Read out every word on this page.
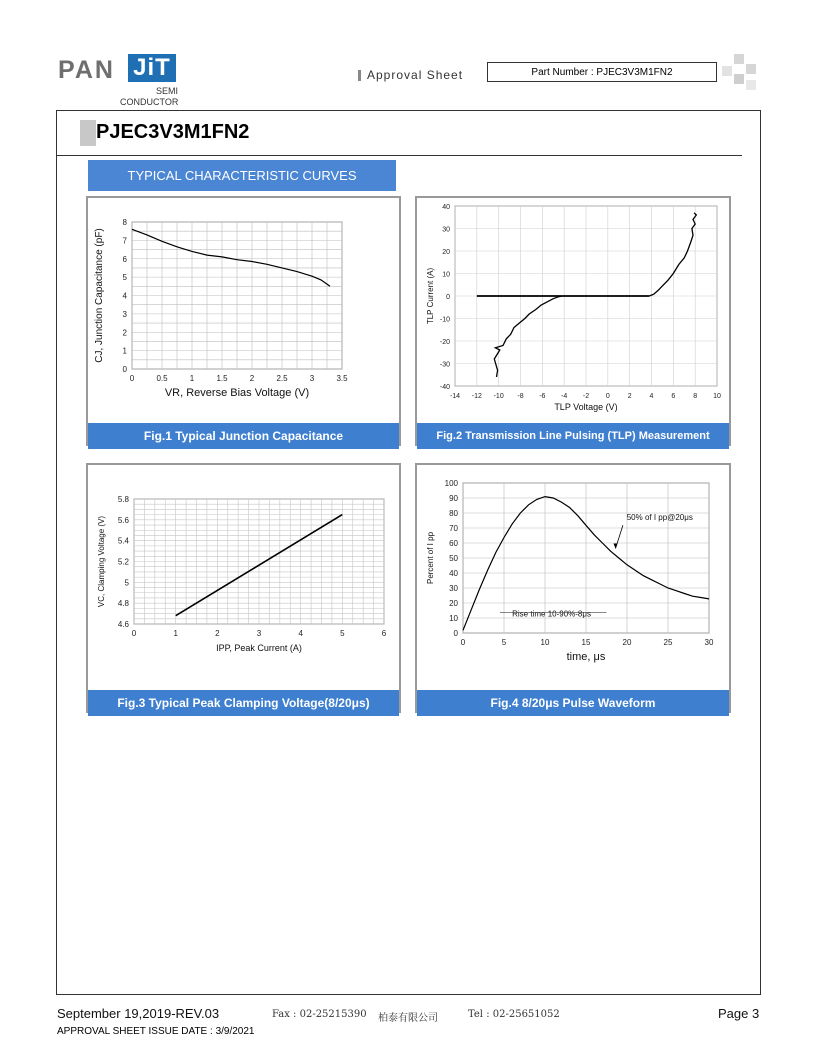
PAN JiT
SEMI
CONDUCTOR
Approval Sheet	Part Number : PJEC3V3M1FN2
PJEC3V3M1FN2
TYPICAL CHARACTERISTIC CURVES
0	0.5	1	1.5	2	2.5	3	3.5
0
1
2
3
4
5
6
7
8
VR, Reverse Bias Voltage (V)
CJ, Junction Capacitance (pF)
Fig.1 Typical Junction Capacitance
-14 -12 -10 -8 -6 -4 -2 0	2	4	6	8 10
-40
-30
-20
-10
0
10
20
30
40
TLP Voltage (V)
TLP Current (A)
Fig.2 Transmission Line Pulsing (TLP) Measurement
0	1	2	3	4	5	6
4.6
4.8
5
5.2
5.4
5.6
5.8
IPP, Peak Current (A)
VC, Clamping Voltage (V)
Fig.3 Typical Peak Clamping Voltage(8/20μs)
0	5	10	15	20	25	30
0
10
20
30
40
50
60
70
80
90
100
time, μs
Percent of I pp
50% of I pp@20μs
Rise time 10-90%-8μs
Fig.4 8/20μs Pulse Waveform
September 19,2019-REV.03	Fax : 02-25215390 柏泰有限公司	Tel : 02-25651052	Page 3
APPROVAL SHEET ISSUE DATE : 3/9/2021
